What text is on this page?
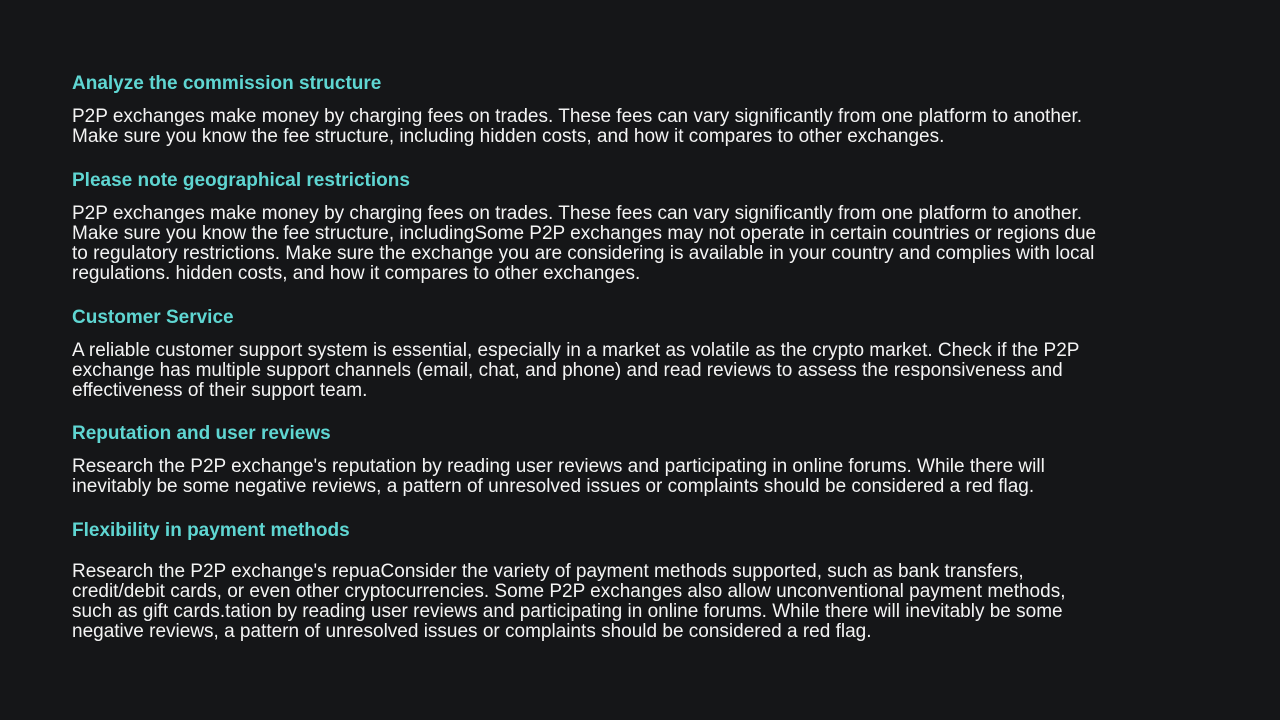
Analyze the commission structure
P2P exchanges make money by charging fees on trades. These fees can vary significantly from one platform to another.
Make sure you know the fee structure, including hidden costs, and how it compares to other exchanges.
Please note geographical restrictions
P2P exchanges make money by charging fees on trades. These fees can vary significantly from one platform to another.
Make sure you know the fee structure, includingSome P2P exchanges may not operate in certain countries or regions due
to regulatory restrictions. Make sure the exchange you are considering is available in your country and complies with local
regulations. hidden costs, and how it compares to other exchanges.
Customer Service
A reliable customer support system is essential, especially in a market as volatile as the crypto market. Check if the P2P
exchange has multiple support channels (email, chat, and phone) and read reviews to assess the responsiveness and
effectiveness of their support team.
Reputation and user reviews
Research the P2P exchange's reputation by reading user reviews and participating in online forums. While there will
inevitably be some negative reviews, a pattern of unresolved issues or complaints should be considered a red flag.
Flexibility in payment methods
Research the P2P exchange's repuaConsider the variety of payment methods supported, such as bank transfers,
credit/debit cards, or even other cryptocurrencies. Some P2P exchanges also allow unconventional payment methods,
such as gift cards.tation by reading user reviews and participating in online forums. While there will inevitably be some
negative reviews, a pattern of unresolved issues or complaints should be considered a red flag.
